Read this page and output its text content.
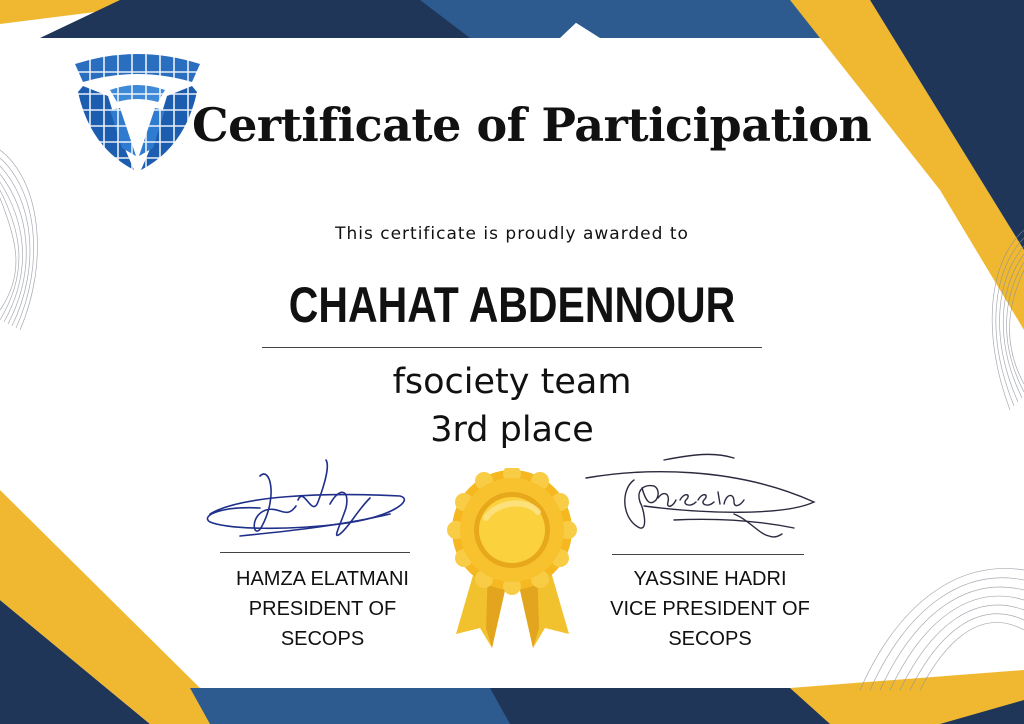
Certificate of Participation
This certificate is proudly awarded to
CHAHAT ABDENNOUR
fsociety team
3rd place
HAMZA ELATMANI
PRESIDENT OF
SECOPS
YASSINE HADRI
VICE PRESIDENT OF
SECOPS
